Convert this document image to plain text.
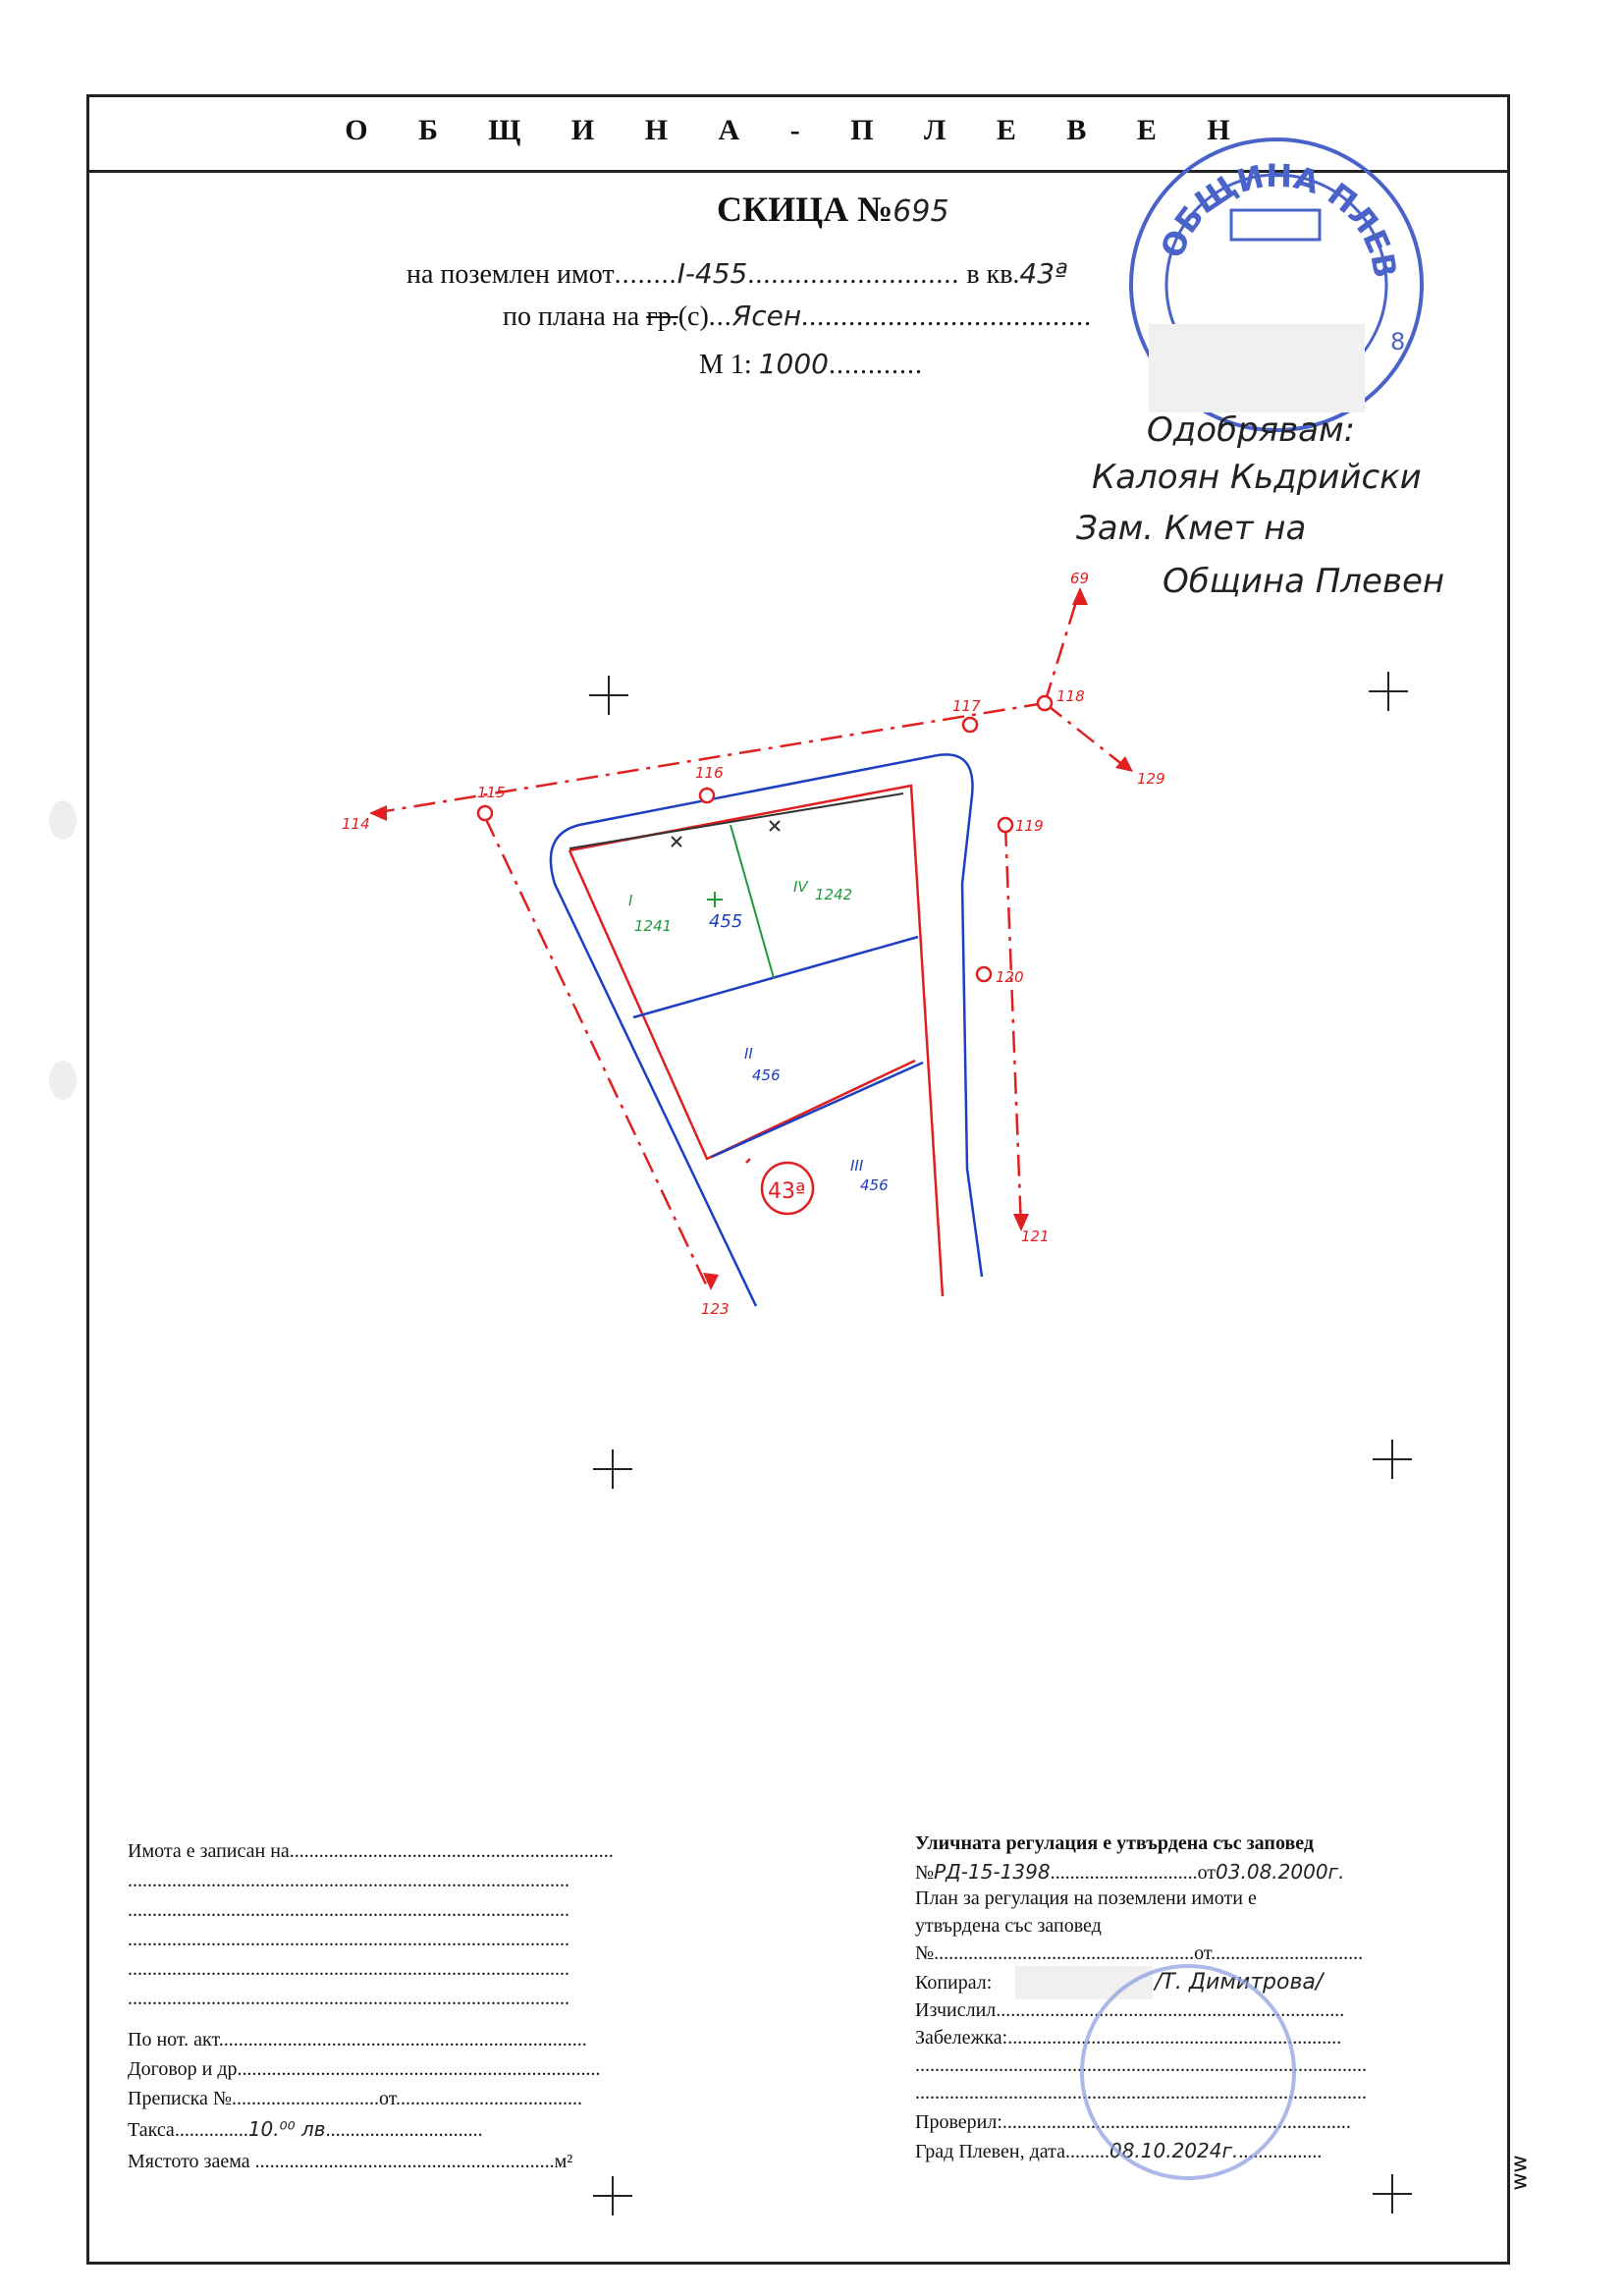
О Б Щ И Н А - П Л Е В Е Н
СКИЦА №695
на поземлен имот........I-455........................... в кв.43ª
по плана на гр.(с)...Ясен.....................................
М 1: 1000............
ОБЩИНА ПЛЕВ
8
Одобрявам:
Калоян Кьдрийски
Зам. Кмет на
Община Плевен
69
117
118
129
116
115
114	119
120
121
123
I
1241
IV 1242
455
II
456
III
456
43ª
Имота е записан на..................................................................
..........................................................................................
..........................................................................................
..........................................................................................
..........................................................................................
..........................................................................................
По нот. акт...........................................................................
Договор и др..........................................................................
Преписка №..............................от......................................
Такса...............10.⁰⁰ лв................................
Мястото заема .............................................................м²
Уличната регулация е утвърдена със заповед
№РД-15-1398..............................от03.08.2000г.
План за регулация на поземлени имоти е
утвърдена със заповед
№.....................................................от...............................
Копирал:	/Т. Димитрова/
Изчислил.......................................................................
Забележка:....................................................................
............................................................................................
............................................................................................
Проверил:.......................................................................
Град Плевен, дата.........08.10.2024г..................
ww
